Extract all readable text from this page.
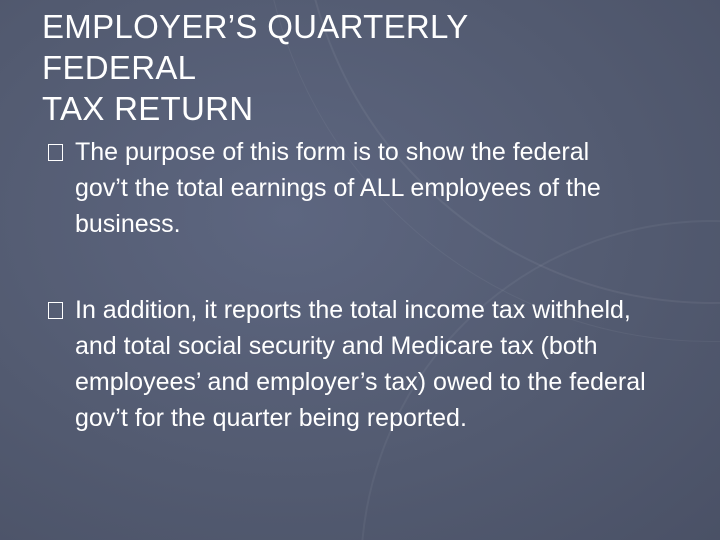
EMPLOYER’S QUARTERLY
FEDERAL
TAX RETURN
The purpose of this form is to show the federal gov’t the total earnings of ALL employees of the business.
In addition, it reports the total income tax withheld, and total social security and Medicare tax (both employees’ and employer’s tax) owed to the federal gov’t for the quarter being reported.
